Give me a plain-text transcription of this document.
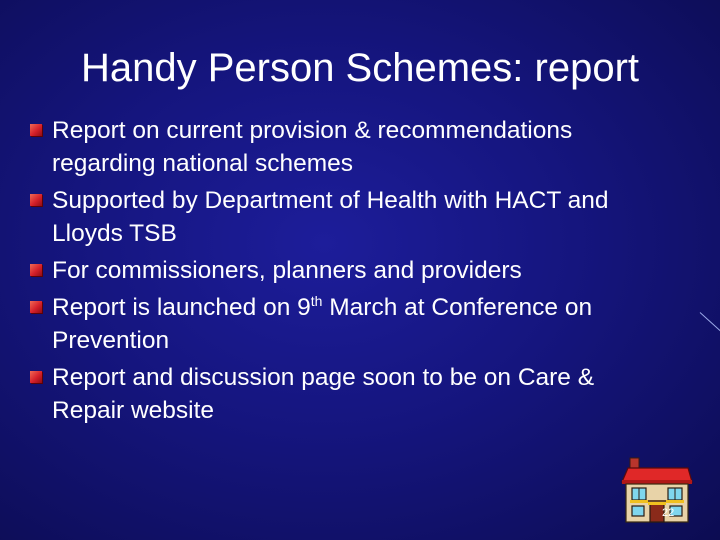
Handy Person Schemes: report
Report on current provision & recommendations regarding national schemes
Supported by Department of Health with HACT and Lloyds TSB
For commissioners, planners and providers
Report is launched on 9th March at Conference on Prevention
Report and discussion page soon to be on Care & Repair website
22
